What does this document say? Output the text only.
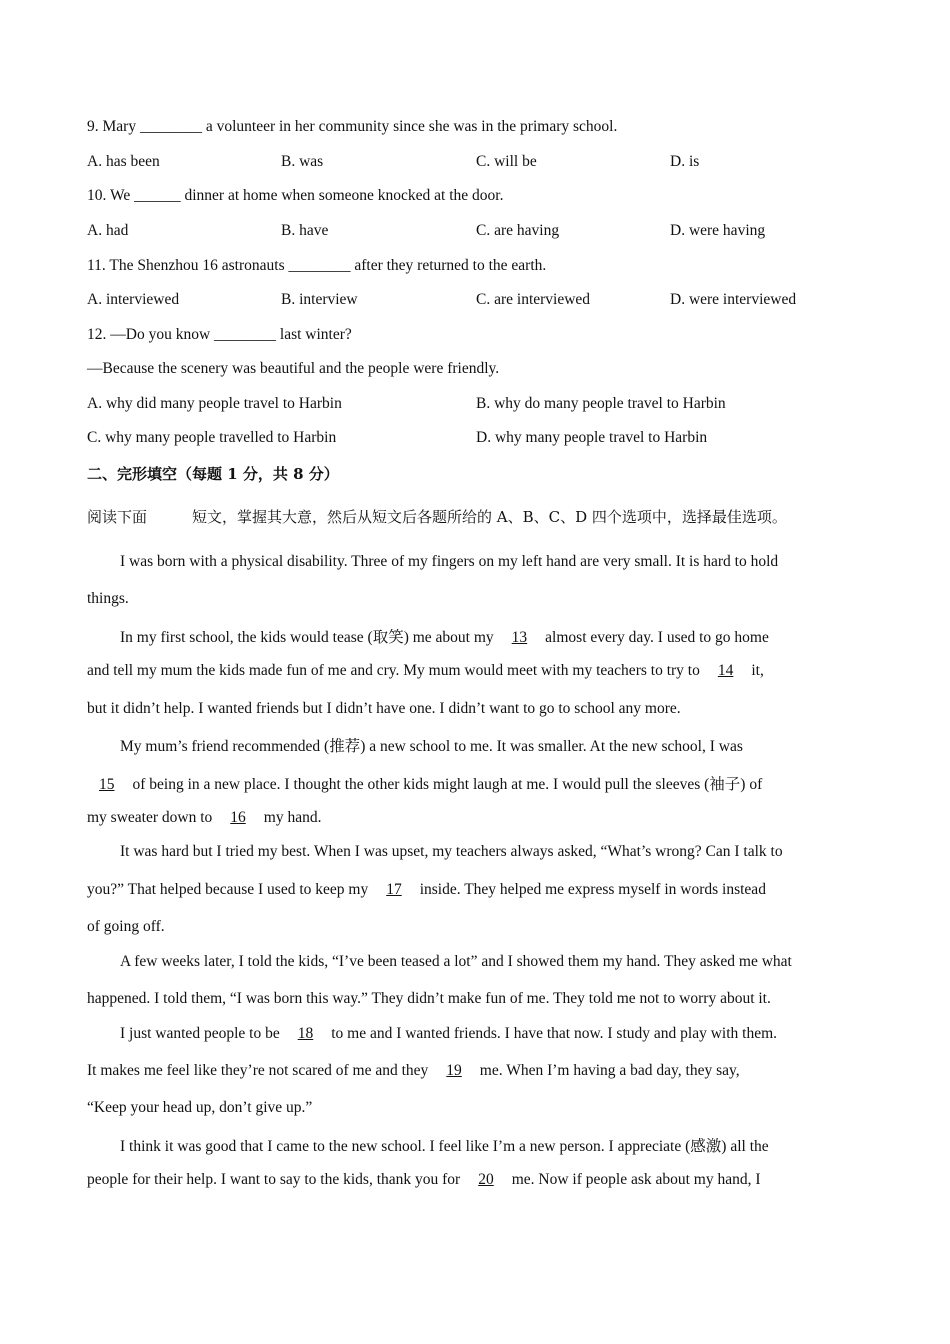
9. Mary ________ a volunteer in her community since she was in the primary school.
A. has been	B. was	C. will be	D. is
10. We ______ dinner at home when someone knocked at the door.
A. had	B. have	C. are having	D. were having
11. The Shenzhou 16 astronauts ________ after they returned to the earth.
A. interviewed	B. interview	C. are interviewed	D. were interviewed
12. —Do you know ________ last winter?
—Because the scenery was beautiful and the people were friendly.
A. why did many people travel to Harbin	B. why do many people travel to Harbin
C. why many people travelled to Harbin	D. why many people travel to Harbin
二、完形填空（每题 1 分，共 8 分）
阅读下面　　　短文，掌握其大意，然后从短文后各题所给的 A、B、C、D 四个选项中，选择最佳选项。
I was born with a physical disability. Three of my fingers on my left hand are very small. It is hard to hold
things.
In my first school, the kids would tease (取笑) me about my 13 almost every day. I used to go home
and tell my mum the kids made fun of me and cry. My mum would meet with my teachers to try to 14 it,
but it didn’t help. I wanted friends but I didn’t have one. I didn’t want to go to school any more.
My mum’s friend recommended (推荐) a new school to me. It was smaller. At the new school, I was
15 of being in a new place. I thought the other kids might laugh at me. I would pull the sleeves (袖子) of
my sweater down to 16 my hand.
It was hard but I tried my best. When I was upset, my teachers always asked, “What’s wrong? Can I talk to
you?” That helped because I used to keep my 17 inside. They helped me express myself in words instead
of going off.
A few weeks later, I told the kids, “I’ve been teased a lot” and I showed them my hand. They asked me what
happened. I told them, “I was born this way.” They didn’t make fun of me. They told me not to worry about it.
I just wanted people to be 18 to me and I wanted friends. I have that now. I study and play with them.
It makes me feel like they’re not scared of me and they 19 me. When I’m having a bad day, they say,
“Keep your head up, don’t give up.”
I think it was good that I came to the new school. I feel like I’m a new person. I appreciate (感激) all the
people for their help. I want to say to the kids, thank you for 20 me. Now if people ask about my hand, I
